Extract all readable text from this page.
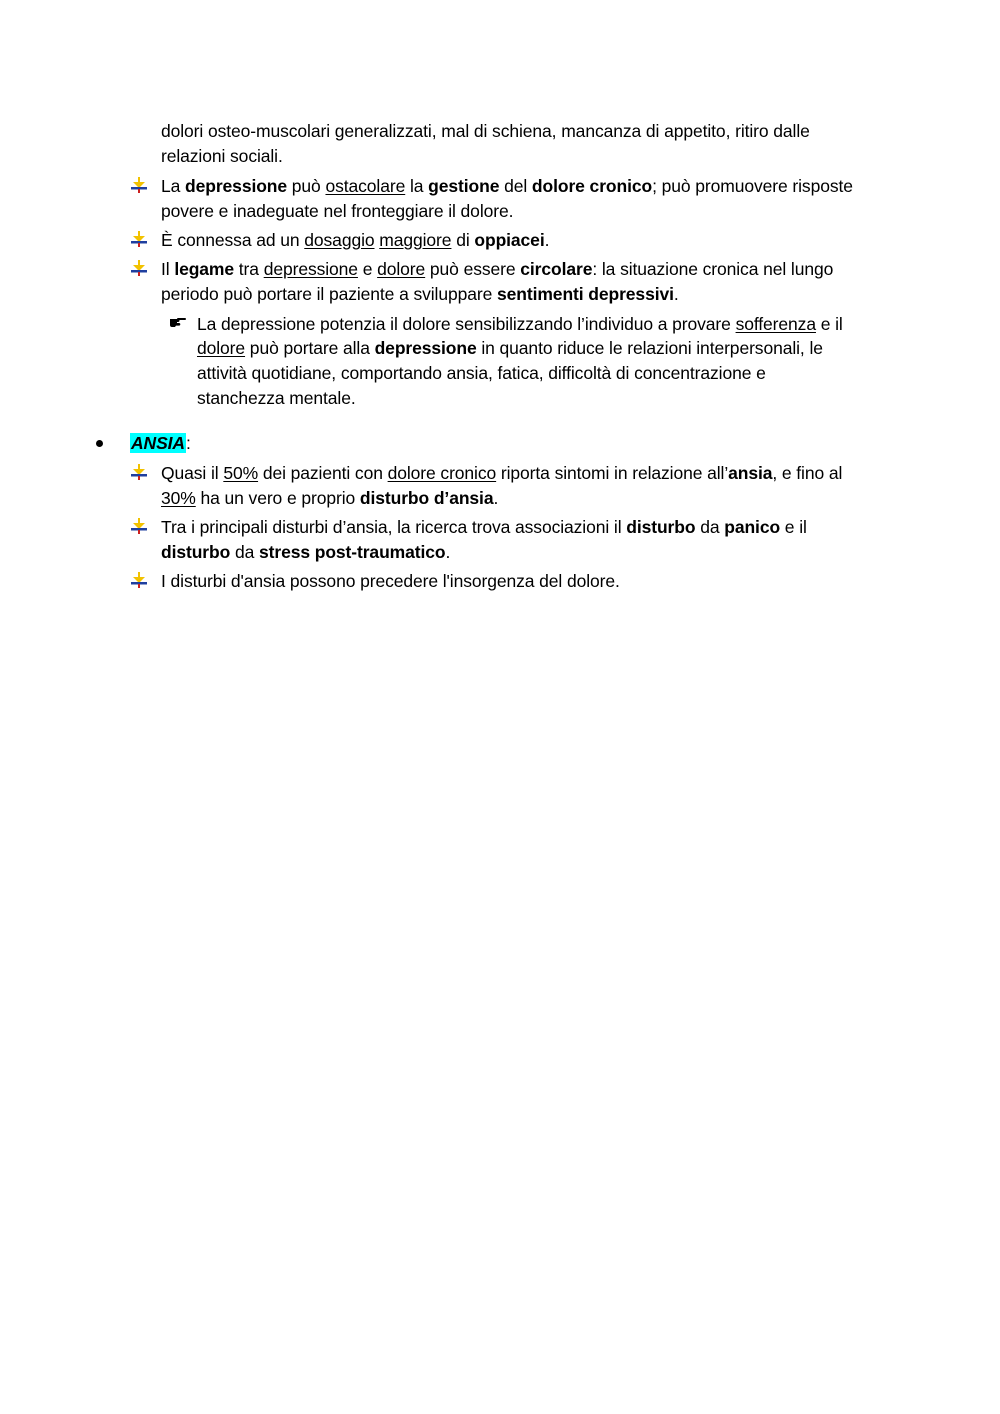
dolori osteo-muscolari generalizzati, mal di schiena, mancanza di appetito, ritiro dalle
relazioni sociali.
La depressione può ostacolare la gestione del dolore cronico; può promuovere risposte
povere e inadeguate nel fronteggiare il dolore.
È connessa ad un dosaggio maggiore di oppiacei.
Il legame tra depressione e dolore può essere circolare: la situazione cronica nel lungo
periodo può portare il paziente a sviluppare sentimenti depressivi.
La depressione potenzia il dolore sensibilizzando l’individuo a provare sofferenza e il
dolore può portare alla depressione in quanto riduce le relazioni interpersonali, le
attività quotidiane, comportando ansia, fatica, difficoltà di concentrazione e
stanchezza mentale.
ANSIA:
Quasi il 50% dei pazienti con dolore cronico riporta sintomi in relazione all’ansia, e fino al
30% ha un vero e proprio disturbo d’ansia.
Tra i principali disturbi d’ansia, la ricerca trova associazioni il disturbo da panico e il
disturbo da stress post-traumatico.
I disturbi d'ansia possono precedere l'insorgenza del dolore.
